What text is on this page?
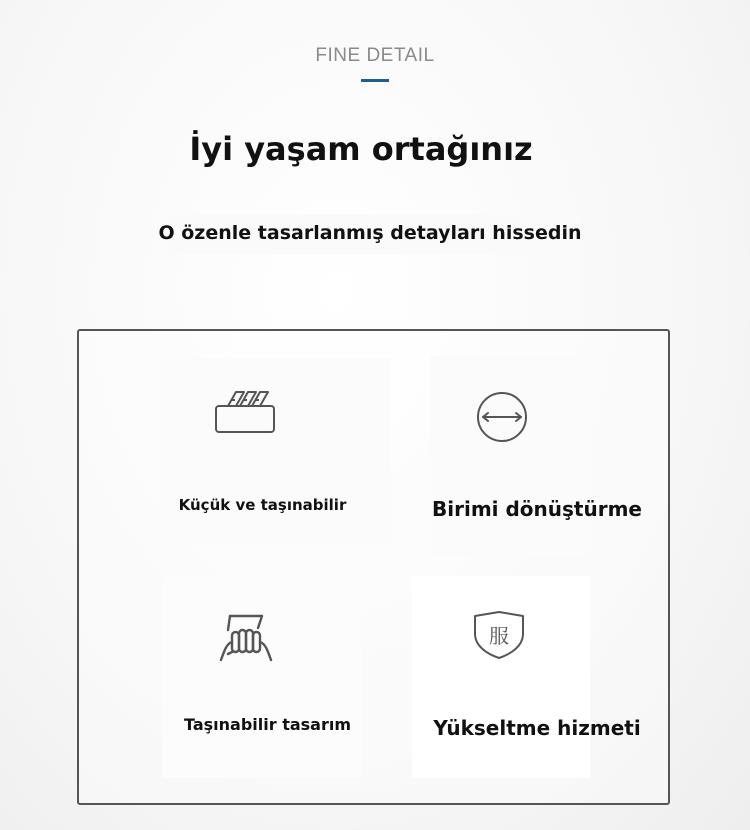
FINE DETAIL
İyi yaşam ortağınız
O özenle tasarlanmış detayları hissedin
服
Küçük ve taşınabilir	Birimi dönüştürme
Taşınabilir tasarım	Yükseltme hizmeti
